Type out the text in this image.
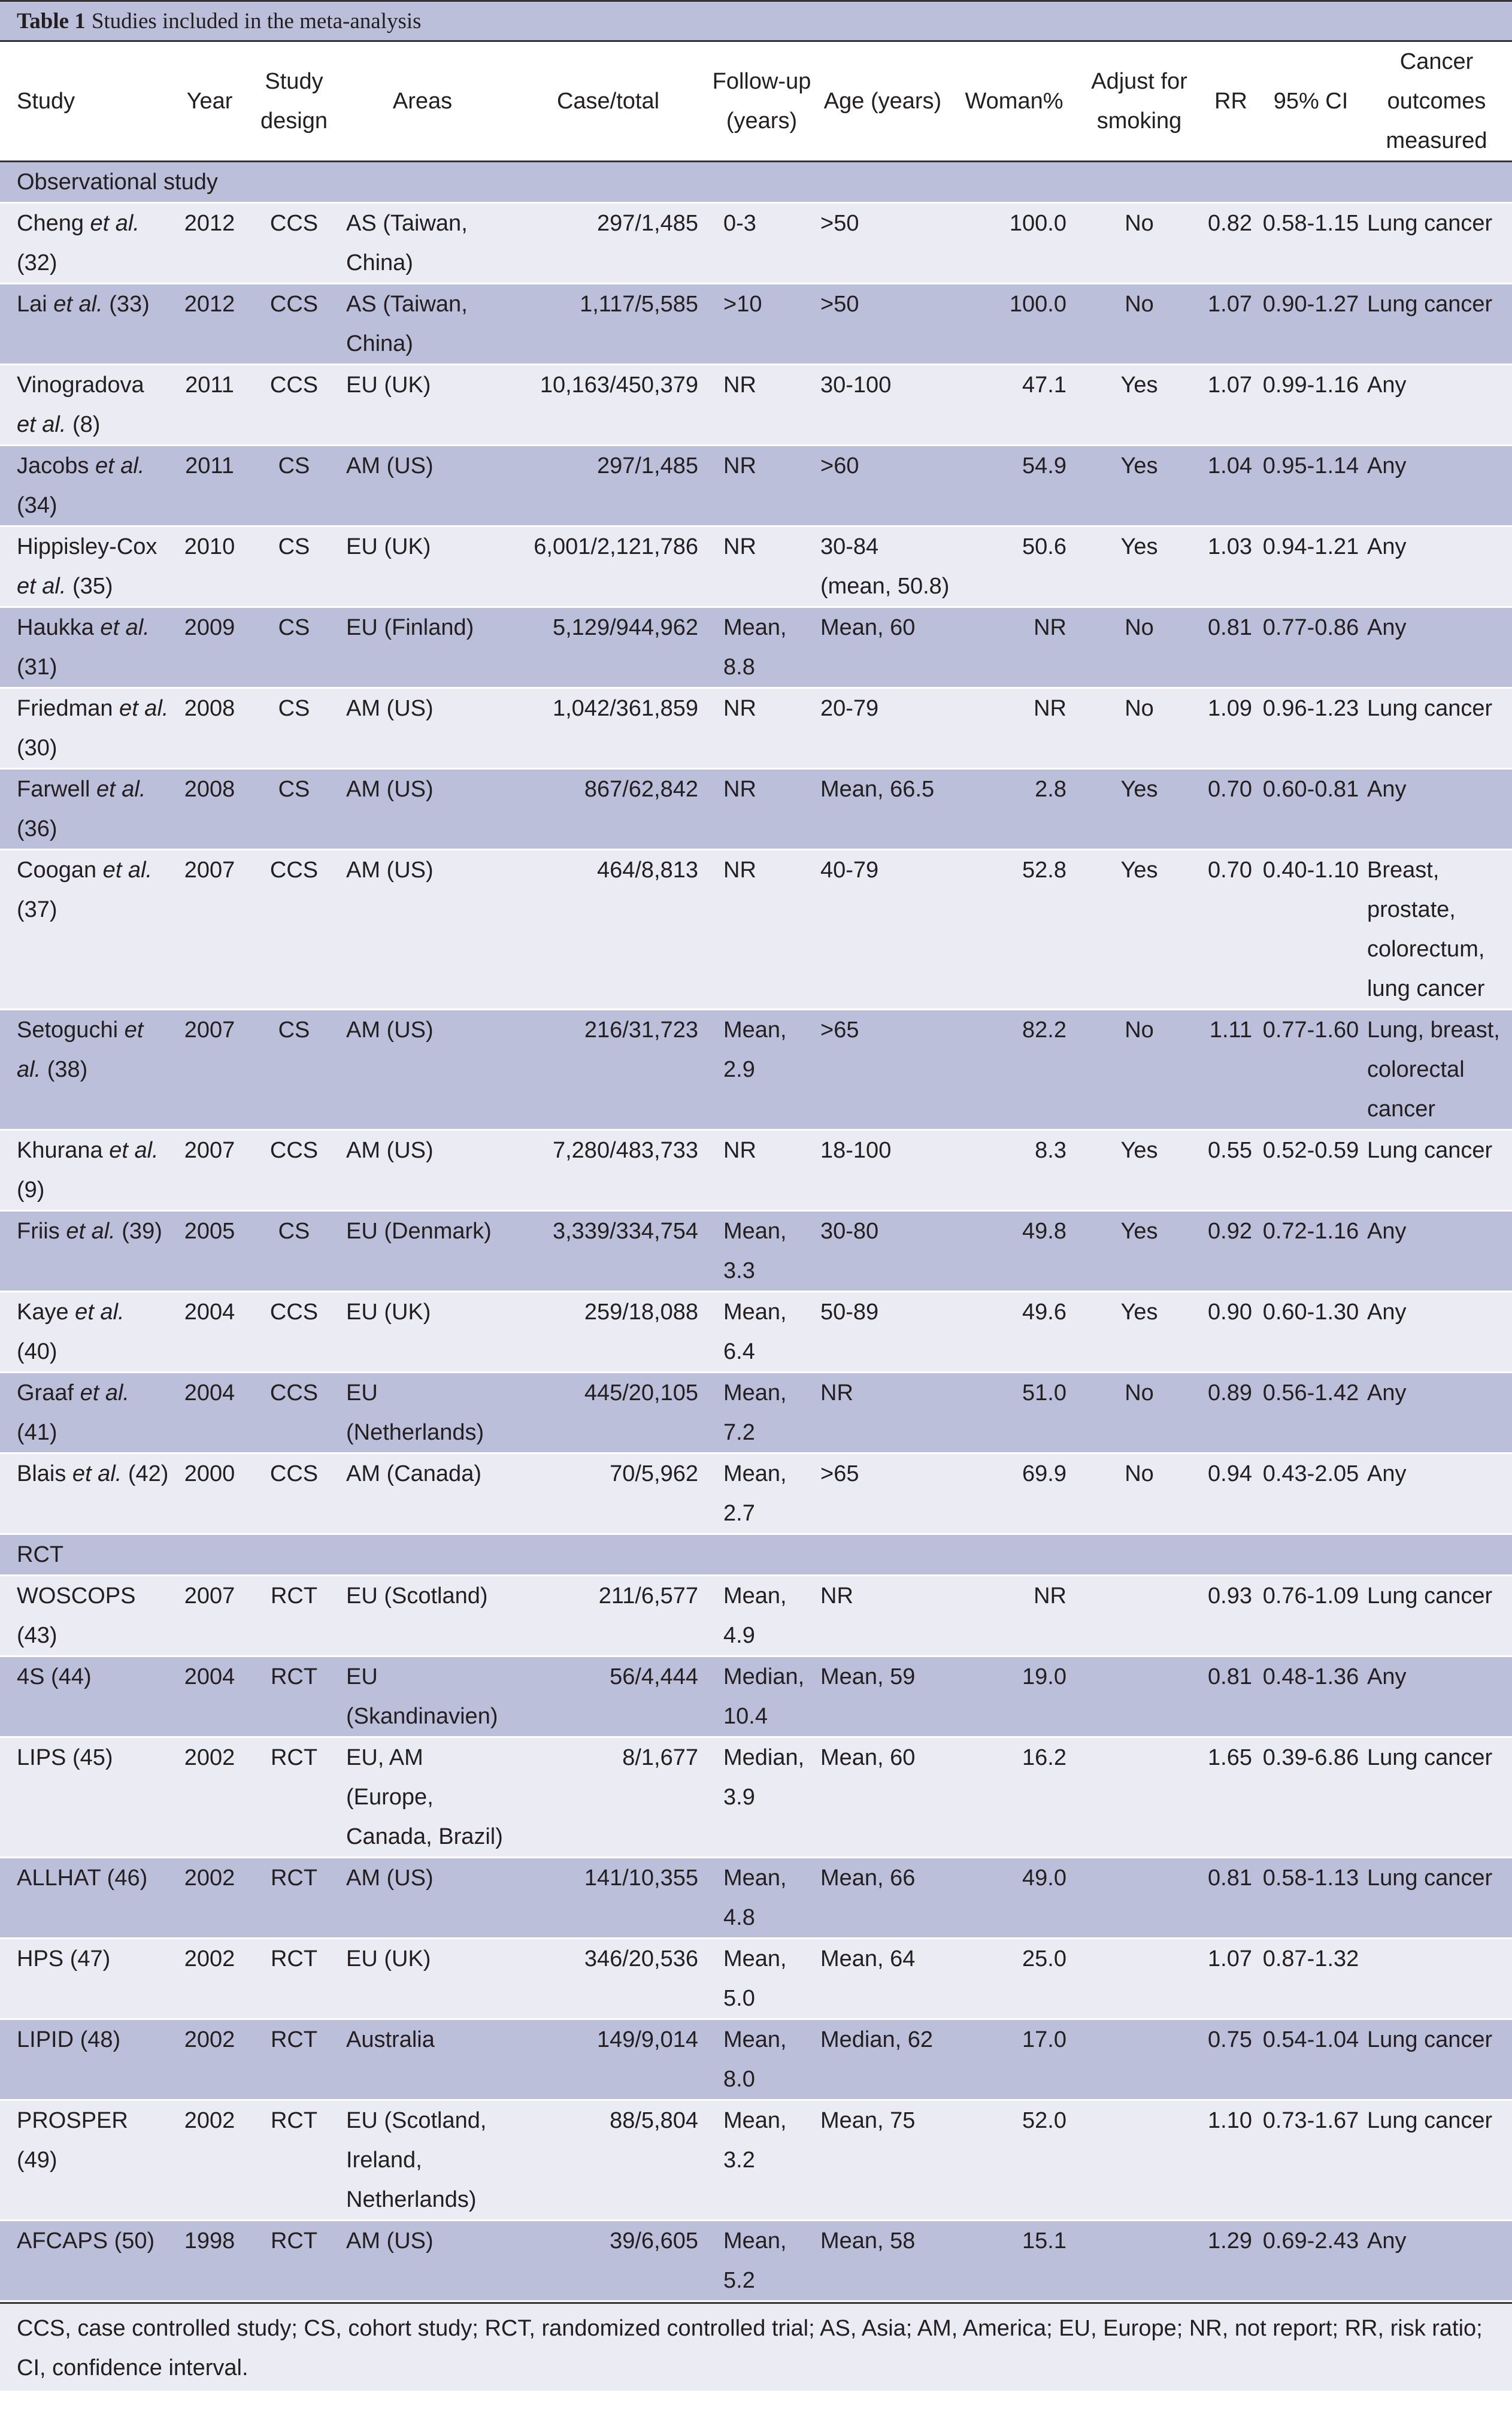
Table 1 Studies included in the meta-analysis
Study	Year	Study design	Areas	Case/total	Follow-up (years)	Age (years)	Woman%	Adjust for smoking	RR	95% CI	Cancer outcomes measured
Observational study											
Cheng et al. (32)	2012	CCS	AS (Taiwan, China)	297/1,485	0-3	>50	100.0	No	0.82	0.58-1.15	Lung cancer
Lai et al. (33)	2012	CCS	AS (Taiwan, China)	1,117/5,585	>10	>50	100.0	No	1.07	0.90-1.27	Lung cancer
Vinogradova et al. (8)	2011	CCS	EU (UK)	10,163/450,379	NR	30-100	47.1	Yes	1.07	0.99-1.16	Any
Jacobs et al. (34)	2011	CS	AM (US)	297/1,485	NR	>60	54.9	Yes	1.04	0.95-1.14	Any
Hippisley-Cox et al. (35)	2010	CS	EU (UK)	6,001/2,121,786	NR	30-84 (mean, 50.8)	50.6	Yes	1.03	0.94-1.21	Any
Haukka et al. (31)	2009	CS	EU (Finland)	5,129/944,962	Mean, 8.8	Mean, 60	NR	No	0.81	0.77-0.86	Any
Friedman et al. (30)	2008	CS	AM (US)	1,042/361,859	NR	20-79	NR	No	1.09	0.96-1.23	Lung cancer
Farwell et al. (36)	2008	CS	AM (US)	867/62,842	NR	Mean, 66.5	2.8	Yes	0.70	0.60-0.81	Any
Coogan et al. (37)	2007	CCS	AM (US)	464/8,813	NR	40-79	52.8	Yes	0.70	0.40-1.10	Breast, prostate, colorectum, lung cancer
Setoguchi et al. (38)	2007	CS	AM (US)	216/31,723	Mean, 2.9	>65	82.2	No	1.11	0.77-1.60	Lung, breast, colorectal cancer
Khurana et al. (9)	2007	CCS	AM (US)	7,280/483,733	NR	18-100	8.3	Yes	0.55	0.52-0.59	Lung cancer
Friis et al. (39)	2005	CS	EU (Denmark)	3,339/334,754	Mean, 3.3	30-80	49.8	Yes	0.92	0.72-1.16	Any
Kaye et al. (40)	2004	CCS	EU (UK)	259/18,088	Mean, 6.4	50-89	49.6	Yes	0.90	0.60-1.30	Any
Graaf et al. (41)	2004	CCS	EU (Netherlands)	445/20,105	Mean, 7.2	NR	51.0	No	0.89	0.56-1.42	Any
Blais et al. (42)	2000	CCS	AM (Canada)	70/5,962	Mean, 2.7	>65	69.9	No	0.94	0.43-2.05	Any
RCT											
WOSCOPS (43)	2007	RCT	EU (Scotland)	211/6,577	Mean, 4.9	NR	NR		0.93	0.76-1.09	Lung cancer
4S (44)	2004	RCT	EU (Skandinavien)	56/4,444	Median, 10.4	Mean, 59	19.0		0.81	0.48-1.36	Any
LIPS (45)	2002	RCT	EU, AM (Europe, Canada, Brazil)	8/1,677	Median, 3.9	Mean, 60	16.2		1.65	0.39-6.86	Lung cancer
ALLHAT (46)	2002	RCT	AM (US)	141/10,355	Mean, 4.8	Mean, 66	49.0		0.81	0.58-1.13	Lung cancer
HPS (47)	2002	RCT	EU (UK)	346/20,536	Mean, 5.0	Mean, 64	25.0		1.07	0.87-1.32	
LIPID (48)	2002	RCT	Australia	149/9,014	Mean, 8.0	Median, 62	17.0		0.75	0.54-1.04	Lung cancer
PROSPER (49)	2002	RCT	EU (Scotland, Ireland, Netherlands)	88/5,804	Mean, 3.2	Mean, 75	52.0		1.10	0.73-1.67	Lung cancer
AFCAPS (50)	1998	RCT	AM (US)	39/6,605	Mean, 5.2	Mean, 58	15.1		1.29	0.69-2.43	Any
CCS, case controlled study; CS, cohort study; RCT, randomized controlled trial; AS, Asia; AM, America; EU, Europe; NR, not report; RR, risk ratio; CI, confidence interval.
